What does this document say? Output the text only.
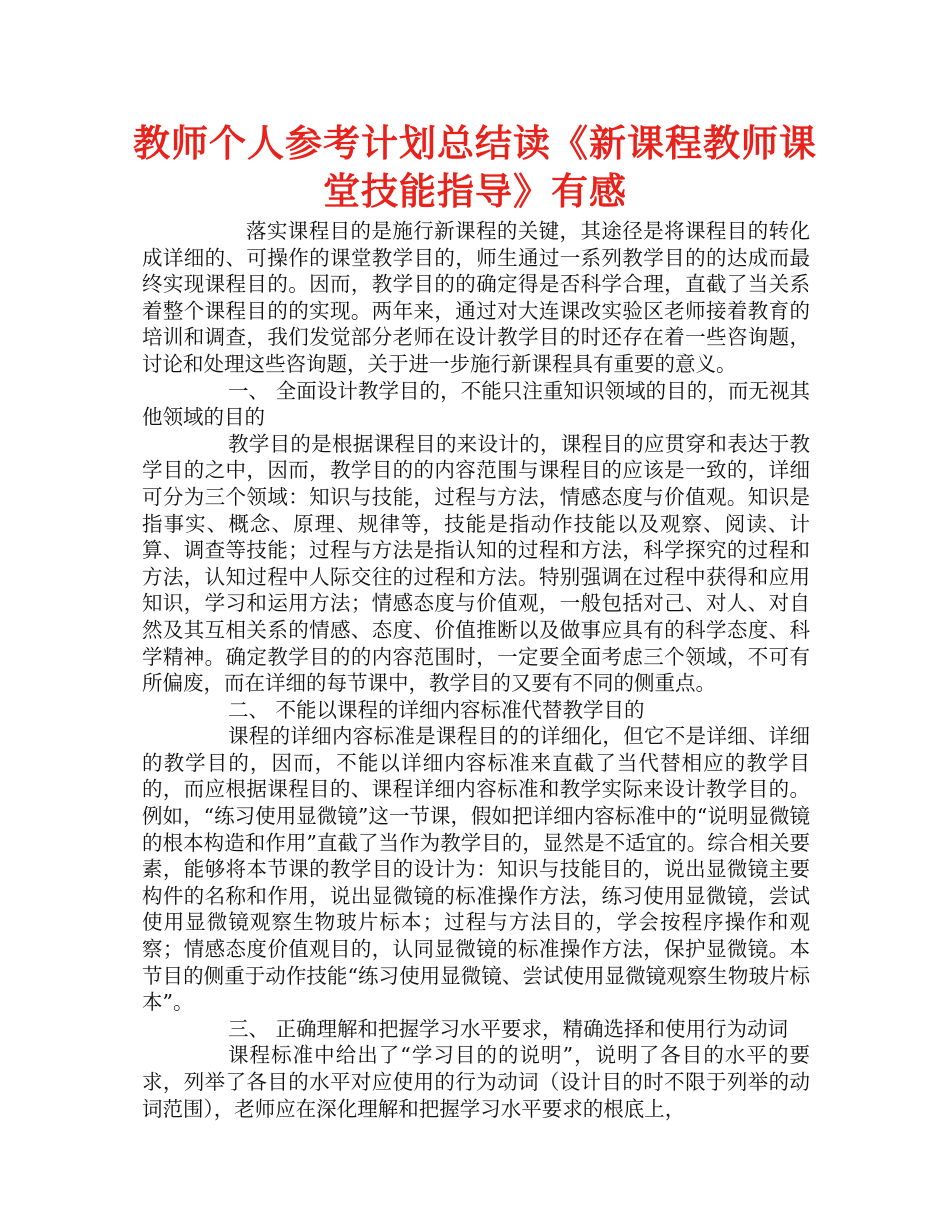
教师个人参考计划总结读《新课程教师课堂技能指导》有感

落实课程目的是施行新课程的关键，其途径是将课程目的转化成详细的、可操作的课堂教学目的，师生通过一系列教学目的的达成而最终实现课程目的。因而，教学目的的确定得是否科学合理，直截了当关系着整个课程目的的实现。两年来，通过对大连课改实验区老师接着教育的培训和调查，我们发觉部分老师在设计教学目的时还存在着一些咨询题，讨论和处理这些咨询题，关于进一步施行新课程具有重要的意义。

一、 全面设计教学目的，不能只注重知识领域的目的，而无视其他领域的目的

教学目的是根据课程目的来设计的，课程目的应贯穿和表达于教学目的之中，因而，教学目的的内容范围与课程目的应该是一致的，详细可分为三个领域：知识与技能，过程与方法，情感态度与价值观。知识是指事实、概念、原理、规律等，技能是指动作技能以及观察、阅读、计算、调查等技能；过程与方法是指认知的过程和方法，科学探究的过程和方法，认知过程中人际交往的过程和方法。特别强调在过程中获得和应用知识，学习和运用方法；情感态度与价值观，一般包括对己、对人、对自然及其互相关系的情感、态度、价值推断以及做事应具有的科学态度、科学精神。确定教学目的的内容范围时，一定要全面考虑三个领域，不可有所偏废，而在详细的每节课中，教学目的又要有不同的侧重点。

二、 不能以课程的详细内容标准代替教学目的

课程的详细内容标准是课程目的的详细化，但它不是详细、详细的教学目的，因而，不能以详细内容标准来直截了当代替相应的教学目的，而应根据课程目的、课程详细内容标准和教学实际来设计教学目的。例如，“练习使用显微镜”这一节课，假如把详细内容标准中的“说明显微镜的根本构造和作用”直截了当作为教学目的，显然是不适宜的。综合相关要素，能够将本节课的教学目的设计为：知识与技能目的，说出显微镜主要构件的名称和作用，说出显微镜的标准操作方法，练习使用显微镜，尝试使用显微镜观察生物玻片标本；过程与方法目的，学会按程序操作和观察；情感态度价值观目的，认同显微镜的标准操作方法，保护显微镜。本节目的侧重于动作技能“练习使用显微镜、尝试使用显微镜观察生物玻片标本”。

三、 正确理解和把握学习水平要求，精确选择和使用行为动词

课程标准中给出了“学习目的的说明”，说明了各目的水平的要求，列举了各目的水平对应使用的行为动词（设计目的时不限于列举的动词范围），老师应在深化理解和把握学习水平要求的根底上，
